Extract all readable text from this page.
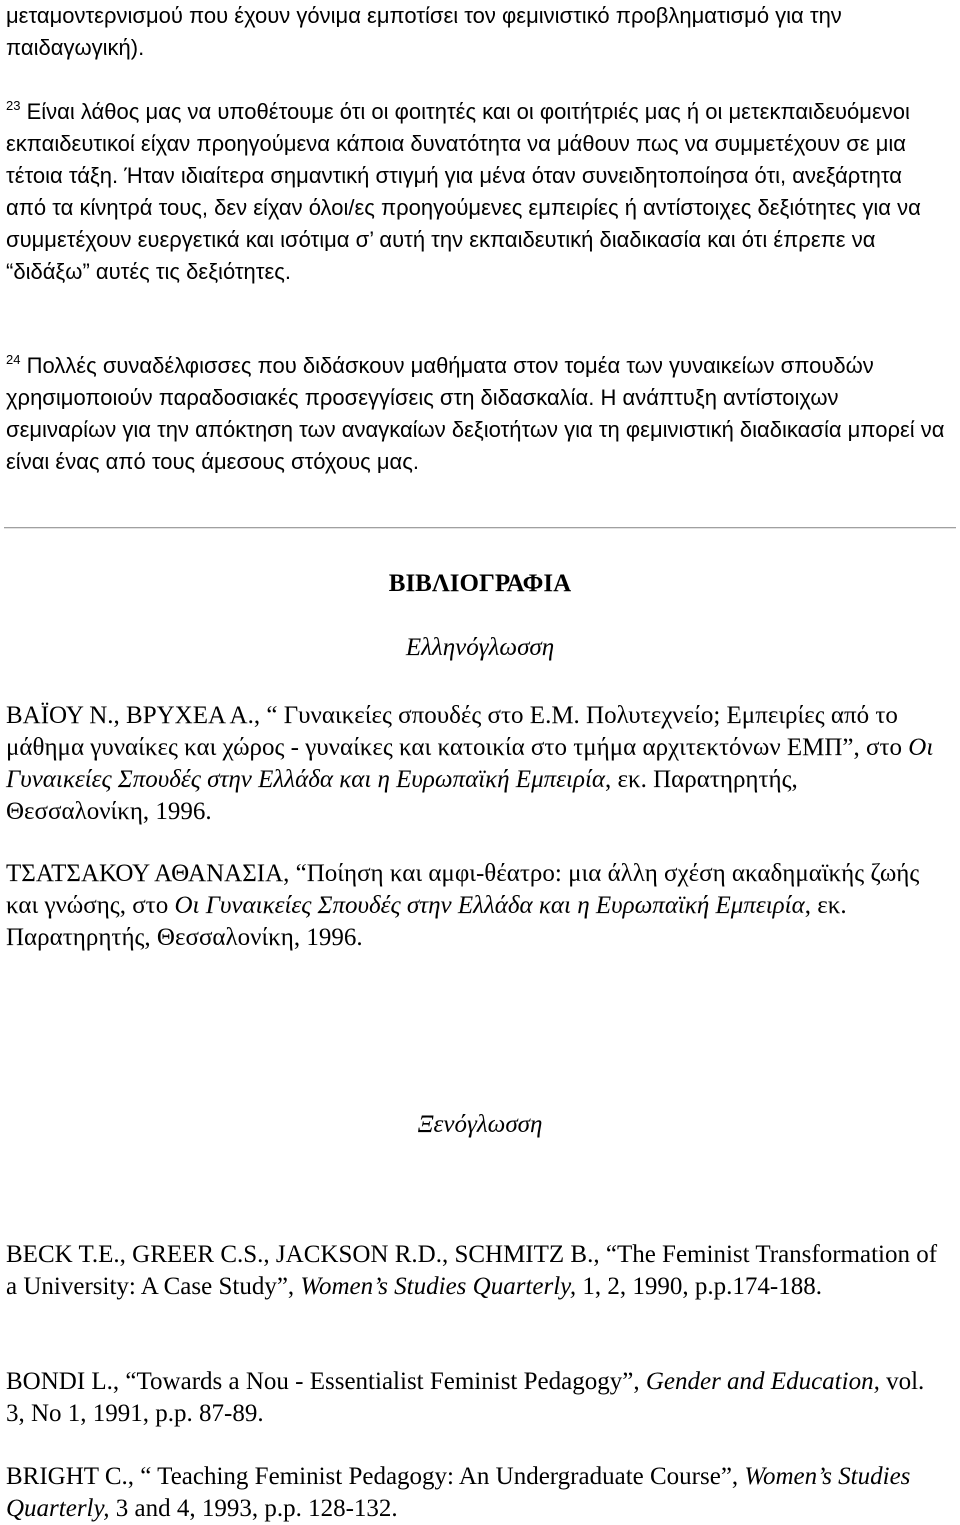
μεταμοντερνισμού που έχουν γόνιμα εμποτίσει τον φεμινιστικό προβληματισμό για την παιδαγωγική).

$^{23}$ Είναι λάθος μας να υποθέτουμε ότι οι φοιτητές και οι φοιτήτριές μας ή οι μετεκπαιδευόμενοι εκπαιδευτικοί είχαν προηγούμενα κάποια δυνατότητα να μάθουν πως να συμμετέχουν σε μια τέτοια τάξη. Ήταν ιδιαίτερα σημαντική στιγμή για μένα όταν συνειδητοποίησα ότι, ανεξάρτητα από τα κίνητρά τους, δεν είχαν όλοι/ες προηγούμενες εμπειρίες ή αντίστοιχες δεξιότητες για να συμμετέχουν ευεργετικά και ισότιμα σ’ αυτή την εκπαιδευτική διαδικασία και ότι έπρεπε να “διδάξω” αυτές τις δεξιότητες.

$^{24}$ Πολλές συναδέλφισσες που διδάσκουν μαθήματα στον τομέα των γυναικείων σπουδών χρησιμοποιούν παραδοσιακές προσεγγίσεις στη διδασκαλία. Η ανάπτυξη αντίστοιχων σεμιναρίων για την απόκτηση των αναγκαίων δεξιοτήτων για τη φεμινιστική διαδικασία μπορεί να είναι ένας από τους άμεσους στόχους μας.

ΒΙΒΛΙΟΓΡΑΦΙΑ
Ελληνόγλωσση

ΒΑΪΟΥ Ν., ΒΡΥΧΕΑ Α., “ Γυναικείες σπουδές στο Ε.Μ. Πολυτεχνείο; Εμπειρίες από το μάθημα γυναίκες και χώρος - γυναίκες και κατοικία στο τμήμα αρχιτεκτόνων ΕΜΠ”, στο Οι Γυναικείες Σπουδές στην Ελλάδα και η Ευρωπαϊκή Εμπειρία, εκ. Παρατηρητής, Θεσσαλονίκη, 1996.

ΤΣΑΤΣΑΚΟΥ ΑΘΑΝΑΣΙΑ, “Ποίηση και αμφι-θέατρο: μια άλλη σχέση ακαδημαϊκής ζωής και γνώσης, στο Οι Γυναικείες Σπουδές στην Ελλάδα και η Ευρωπαϊκή Εμπειρία, εκ. Παρατηρητής, Θεσσαλονίκη, 1996.

Ξενόγλωσση

BECK T.E., GREER C.S., JACKSON R.D., SCHMITZ B., “The Feminist Transformation of a University: A Case Study”, Women’s Studies Quarterly, 1, 2, 1990, p.p.174-188.

BONDI L., “Towards a Nou - Essentialist Feminist Pedagogy”, Gender and Education, vol. 3, No 1, 1991, p.p. 87-89.

BRIGHT C., “ Teaching Feminist Pedagogy: An Undergraduate Course”, Women’s Studies Quarterly, 3 and 4, 1993, p.p. 128-132.
